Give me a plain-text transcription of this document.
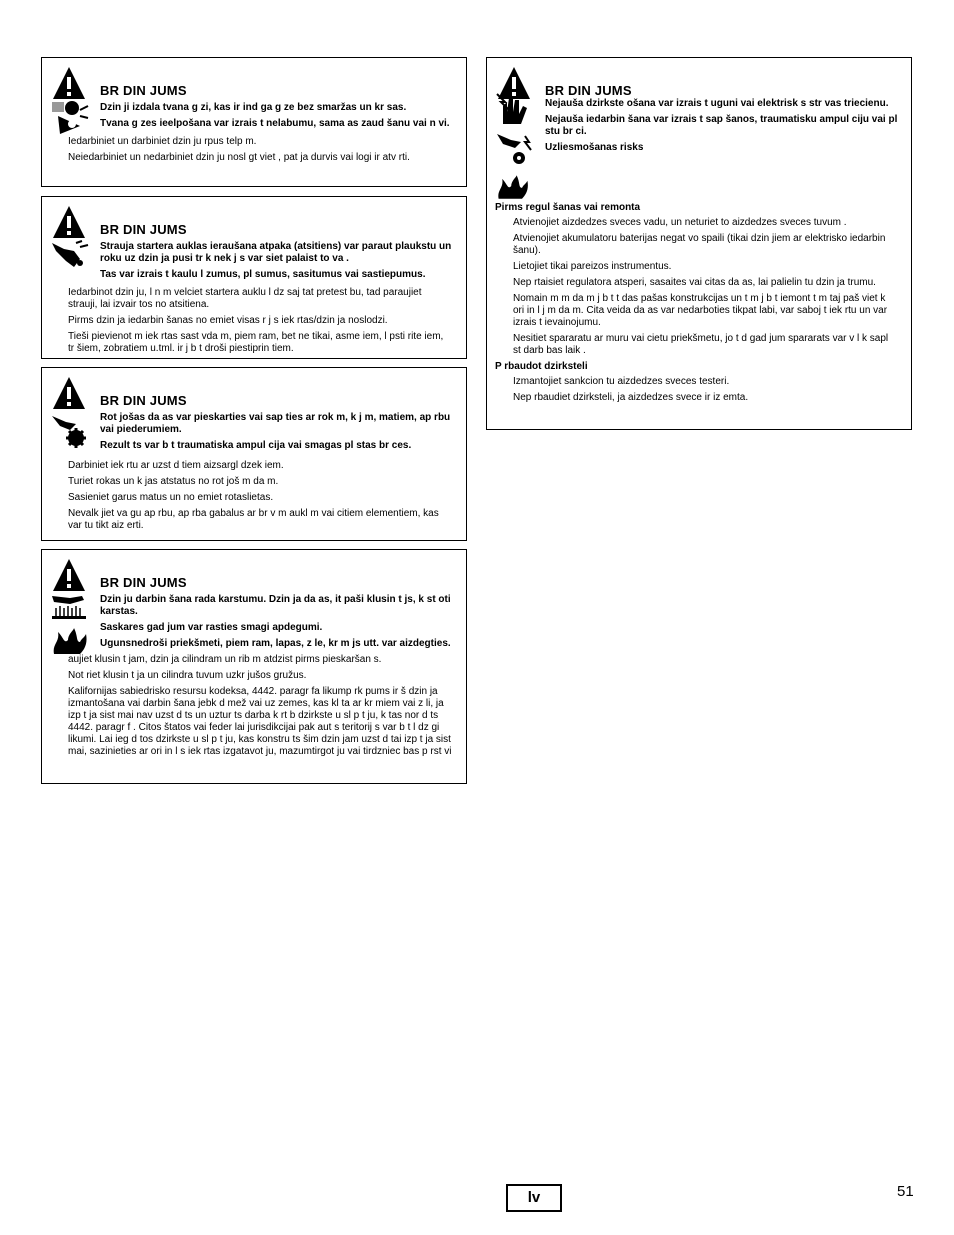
BR DIN JUMS

Dzin ji izdala tvana g zi, kas ir ind ga g ze bez smaržas un kr sas.

Tvana g zes ieelpošana var izrais t nelabumu, sama as zaud šanu vai n vi.

Iedarbiniet un darbiniet dzin ju rpus telp m.

Neiedarbiniet un nedarbiniet dzin ju nosl gt viet , pat ja durvis vai logi ir atv rti.

BR DIN JUMS

Strauja startera auklas ieraušana atpaka (atsitiens) var paraut plaukstu un roku uz dzin ja pusi tr k nek j s var siet palaist to va .

Tas var izrais t kaulu l zumus, pl sumus, sasitumus vai sastiepumus.

Iedarbinot dzin ju, l n m velciet startera auklu l dz saj tat pretest bu, tad paraujiet strauji, lai izvair tos no atsitiena.

Pirms dzin ja iedarbin šanas no emiet visas r j s iek rtas/dzin ja noslodzi.

Tieši pievienot m iek rtas sast vda m, piem ram, bet ne tikai, asme iem, l psti rite iem, tr šiem, zobratiem u.tml. ir j b t droši piestiprin tiem.

BR DIN JUMS

Rot jošas da as var pieskarties vai sap ties ar rok m, k j m, matiem, ap rbu vai piederumiem.

Rezult ts var b t traumatiska ampul cija vai smagas pl stas br ces.

Darbiniet iek rtu ar uzst d tiem aizsargl dzek iem.

Turiet rokas un k jas atstatus no rot još m da m.

Sasieniet garus matus un no emiet rotaslietas.

Nevalk jiet va gu ap rbu, ap rba gabalus ar br v m aukl m vai citiem elementiem, kas var tu tikt aiz erti.

BR DIN JUMS

Dzin ju darbin šana rada karstumu. Dzin ja da as, it paši klusin t js, k st oti karstas.

Saskares gad jum var rasties smagi apdegumi.

Ugunsnedroši priekšmeti, piem ram, lapas, z le, kr m js utt. var aizdegties.

aujiet klusin t jam, dzin ja cilindram un rib m atdzist pirms pieskaršan s.

Not riet klusin t ja un cilindra tuvum uzkr jušos gružus.

Kalifornijas sabiedrisko resursu kodeksa, 4442. paragr fa likump rk pums ir š dzin ja izmantošana vai darbin šana jebk d mež vai uz zemes, kas kl ta ar kr miem vai z li, ja izp t ja sist mai nav uzst d ts un uztur ts darba k rt b dzirkste u sl p t ju, k tas nor d ts 4442. paragr f . Citos štatos vai feder lai jurisdikcijai pak aut s teritorij s var b t l dz gi likumi. Lai ieg d tos dzirkste u sl p t ju, kas konstru ts šim dzin jam uzst d tai izp t ja sist mai, sazinieties ar ori in l s iek rtas izgatavot ju, mazumtirgot ju vai tirdzniec bas p rst vi

BR DIN JUMS

Nejauša dzirkste ošana var izrais t uguni vai elektrisk s str vas triecienu.

Nejauša iedarbin šana var izrais t sap šanos, traumatisku ampul ciju vai pl stu br ci.

Uzliesmošanas risks

Pirms regul šanas vai remonta

Atvienojiet aizdedzes sveces vadu, un neturiet to aizdedzes sveces tuvum .

Atvienojiet akumulatoru baterijas negat vo spaili (tikai dzin jiem ar elektrisko iedarbin šanu).

Lietojiet tikai pareizos instrumentus.

Nep rtaisiet regulatora atsperi, sasaites vai citas da as, lai palielin tu dzin ja trumu.

Nomain m m da m j b t t das pašas konstrukcijas un t m j b t iemont t m taj paš viet k ori in l j m da m. Cita veida da as var nedarboties tikpat labi, var saboj t iek rtu un var izrais t ievainojumu.

Nesitiet spararatu ar muru vai cietu priekšmetu, jo t d gad jum spararats var v l k sapl st darb bas laik .

P rbaudot dzirksteli

Izmantojiet sankcion tu aizdedzes sveces testeri.

Nep rbaudiet dzirksteli, ja aizdedzes svece ir iz emta.

lv	51
